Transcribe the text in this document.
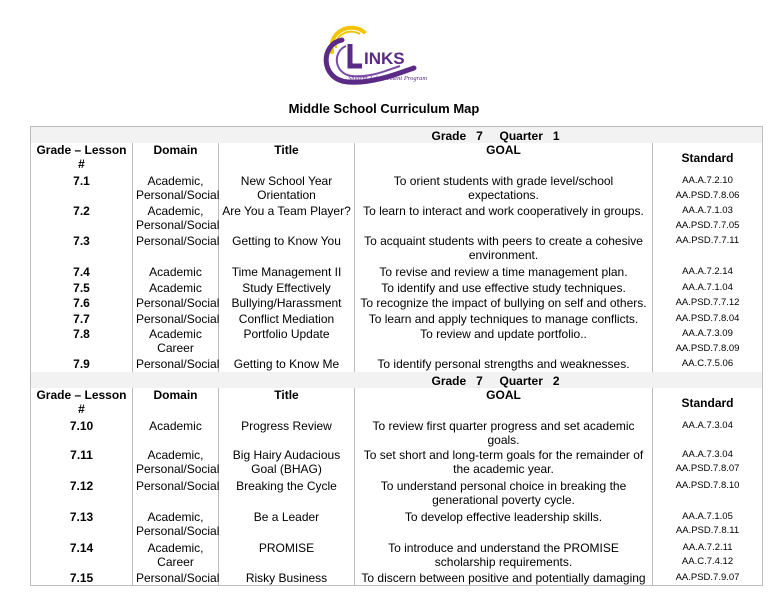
INKS
Student Achievement Program
Middle School Curriculum Map
Grade   7     Quarter   1				
Grade – Lesson #	Domain	Title	GOAL	Standard
7.1	Academic, Personal/Social	New School Year Orientation	To orient students with grade level/school expectations.	AA.A.7.2.10
AA.PSD.7.8.06

7.2	Academic, Personal/Social	Are You a Team Player?	To learn to interact and work cooperatively in groups.	AA.A.7.1.03
AA.PSD.7.7.05

7.3	Personal/Social	Getting to Know You	To acquaint students with peers to create a cohesive environment.	AA.PSD.7.7.11

7.4	Academic	Time Management II	To revise and review a time management plan.	AA.A.7.2.14

7.5	Academic	Study Effectively	To identify and use effective study techniques.	AA.A.7.1.04

7.6	Personal/Social	Bullying/Harassment	To recognize the impact of bullying on self and others.	AA.PSD.7.7.12

7.7	Personal/Social	Conflict Mediation	To learn and apply techniques to manage conflicts.	AA.PSD.7.8.04

7.8	Academic Career	Portfolio Update	To review and update portfolio..	AA.A.7.3.09
AA.PSD.7.8.09

7.9	Personal/Social	Getting to Know Me	To identify personal strengths and weaknesses.	AA.C.7.5.06

Grade   7     Quarter   2				
Grade – Lesson #	Domain	Title	GOAL	Standard
7.10	Academic	Progress Review	To review first quarter progress and set academic goals.	AA.A.7.3.04

7.11	Academic, Personal/Social	Big Hairy Audacious Goal (BHAG)	To set short and long-term goals for the remainder of the academic year.	AA.A.7.3.04
AA.PSD.7.8.07

7.12	Personal/Social	Breaking the Cycle	To understand personal choice in breaking the generational poverty cycle.	AA.PSD.7.8.10

7.13	Academic, Personal/Social	Be a Leader	To develop effective leadership skills.	AA.A.7.1.05
AA.PSD.7.8.11

7.14	Academic, Career	PROMISE	To introduce and understand the PROMISE scholarship requirements.	AA.A.7.2.11
AA.C.7.4.12

7.15	Personal/Social	Risky Business	To discern between positive and potentially damaging	AA.PSD.7.9.07
